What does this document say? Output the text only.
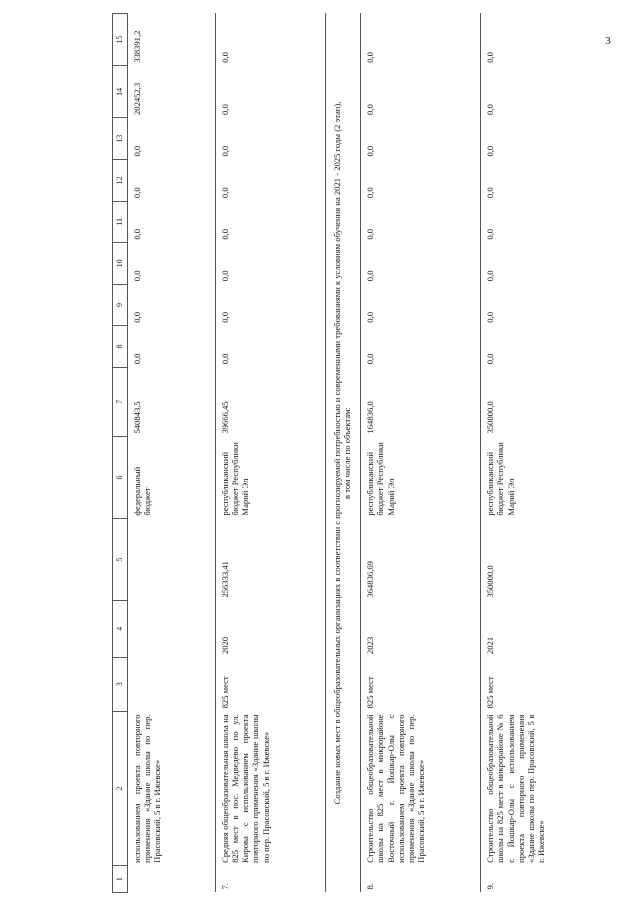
3
1	2	3	4	5	6	7	8	9	10	11	12	13	14	15
	использованием проекта повторного применения «Здание школы по пер. Прасовский, 5 в г. Ижевске»				федеральный бюджет	540843,5	0,0	0,0	0,0	0,0	0,0	0,0	202452,3	338391,2
7.	Средняя общеобразовательная школа на 825 мест в пос. Медведево по ул. Кирова с использованием проекта повторного применения «Здание школы по пер. Прасовский, 5 в г. Ижевске»	825 мест	2020	256333,41	республиканский бюджет Республики Марий Эл	39666,45	0,0	0,0	0,0	0,0	0,0	0,0	0,0	0,0

Создание новых мест в общеобразовательных организациях в соответствии с прогнозируемой потребностью и современными требованиями к условиям обучения на 2021 - 2025 годы (2 этап), в том числе по объектам:														

8.	Строительство общеобразовательной школы на 825 мест в микрорайоне Восточный г. Йошкар-Олы с использованием проекта повторного применения «Здание школы по пер. Прасовский, 5 в г. Ижевске»	825 мест	2023	364836,69	республиканский бюджет Республики Марий Эл	164836,0	0,0	0,0	0,0	0,0	0,0	0,0	0,0	0,0
9.	Строительство общеобразовательной школы на 825 мест в микрорайоне № 6 г. Йошкар-Олы с использованием проекта повторного применения «Здание школы по пер. Прасовский, 5 в г. Ижевске»	825 мест	2021	350000,0	республиканский бюджет Республики Марий Эл	350000,0	0,0	0,0	0,0	0,0	0,0	0,0	0,0	0,0
